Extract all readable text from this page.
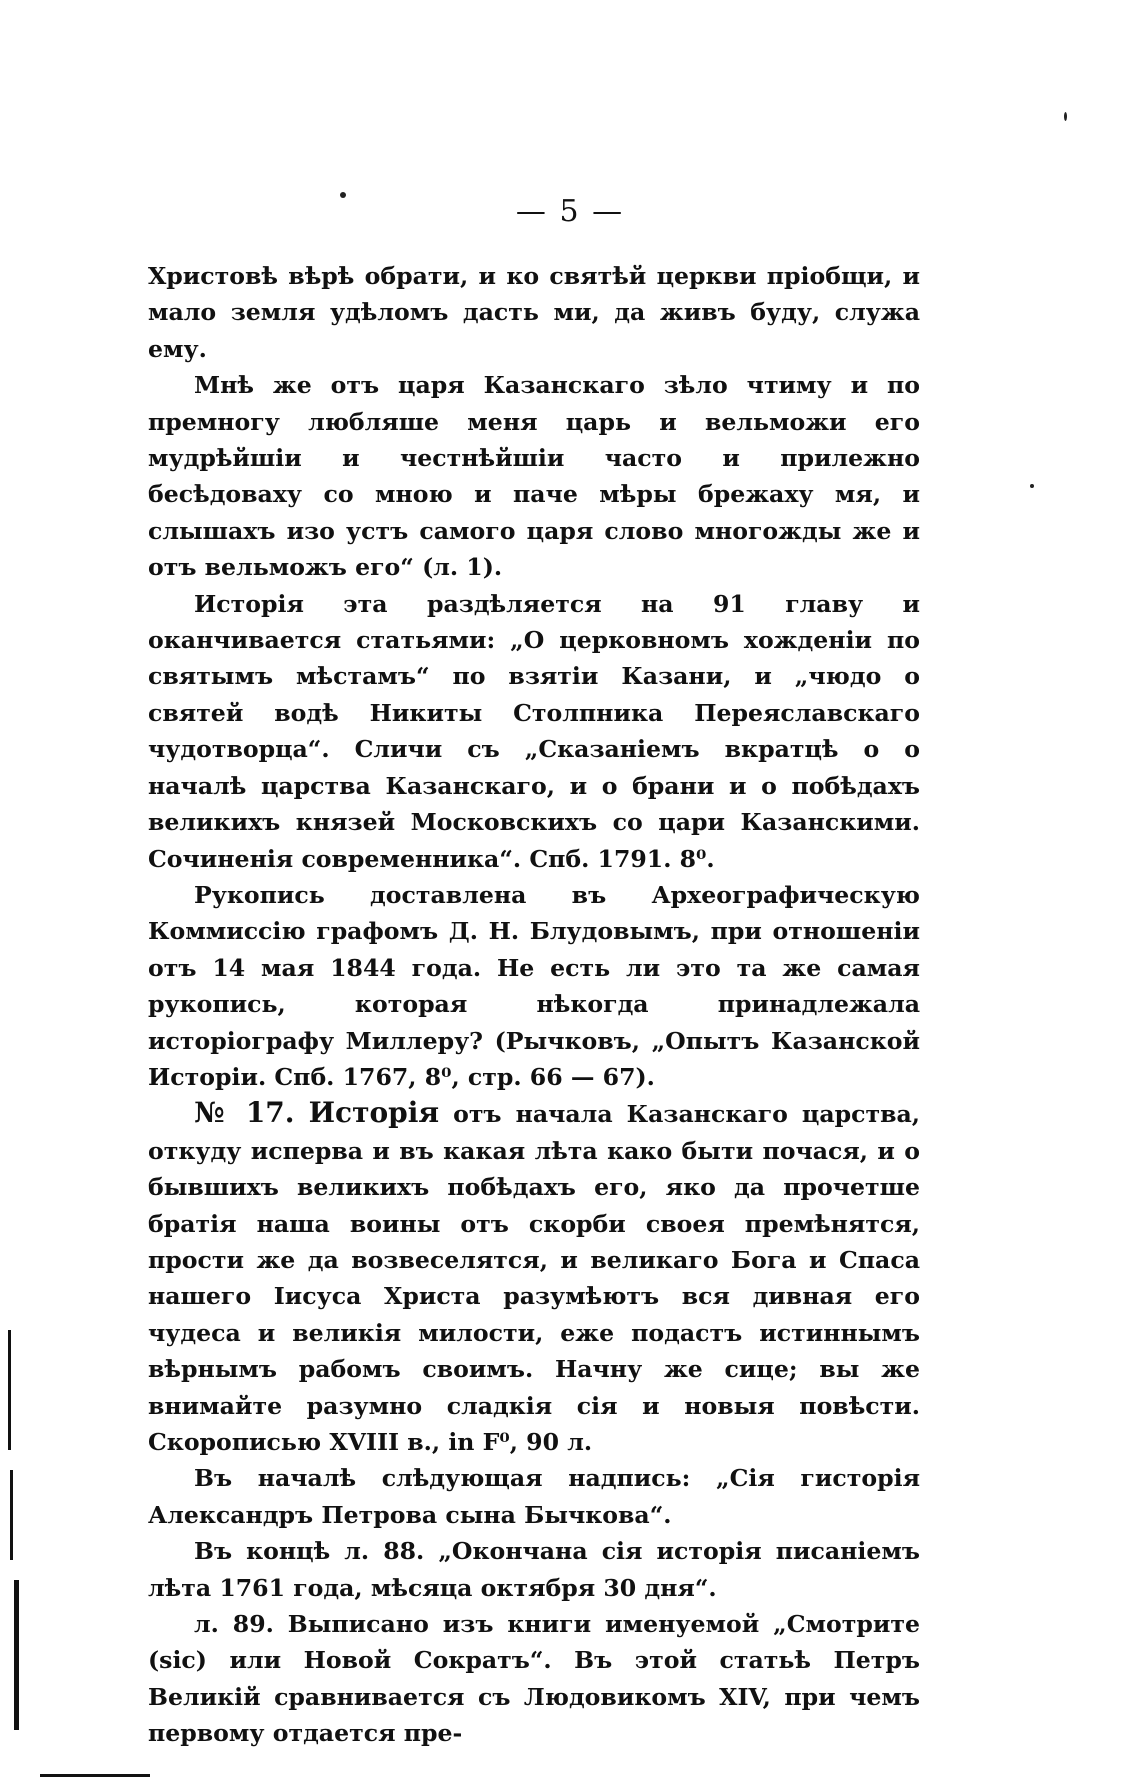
— 5 —

Христовѣ вѣрѣ обрати, и ко святѣй церкви пріобщи, и мало земля удѣломъ дасть ми, да живъ буду, служа ему.

Мнѣ же отъ царя Казанскаго зѣло чтиму и по премногу любляше меня царь и вельможи его мудрѣйшіи и честнѣйшіи часто и прилежно бесѣдоваху со мною и паче мѣры брежаху мя, и слышахъ изо устъ самого царя слово многожды же и отъ вельможъ его“ (л. 1).

Исторія эта раздѣляется на 91 главу и оканчивается статьями: „О церковномъ хожденіи по святымъ мѣстамъ“ по взятіи Казани, и „чюдо о святей водѣ Никиты Столпника Переяславскаго чудотворца“. Сличи съ „Сказаніемъ вкратцѣ о о началѣ царства Казанскаго, и о брани и о побѣдахъ великихъ князей Московскихъ со цари Казанскими. Сочиненія современника“. Спб. 1791. 8⁰.

Рукопись доставлена въ Археографическую Коммиссію графомъ Д. Н. Блудовымъ, при отношеніи отъ 14 мая 1844 года. Не есть ли это та же самая рукопись, которая нѣкогда принадлежала исторіографу Миллеру? (Рычковъ, „Опытъ Казанской Исторіи. Спб. 1767, 8⁰, стр. 66 — 67).

№ 17. Исторія отъ начала Казанскаго царства, откуду исперва и въ какая лѣта како быти почася, и о бывшихъ великихъ побѣдахъ его, яко да прочетше братія наша воины отъ скорби своея премѣнятся, прости же да возвеселятся, и великаго Бога и Спаса нашего Іисуса Христа разумѣютъ вся дивная его чудеса и великія милости, еже подастъ истиннымъ вѣрнымъ рабомъ своимъ. Начну же сице; вы же внимайте разумно сладкія сія и новыя повѣсти. Скорописью XVIII в., in F⁰, 90 л.

Въ началѣ слѣдующая надпись: „Сія гисторія Александръ Петрова сына Бычкова“.

Въ концѣ л. 88. „Окончана сія исторія писаніемъ лѣта 1761 года, мѣсяца октября 30 дня“.

л. 89. Выписано изъ книги именуемой „Смотрите (sic) или Новой Сократъ“. Въ этой статьѣ Петръ Великій сравнивается съ Людовикомъ XIV, при чемъ первому отдается пре-
